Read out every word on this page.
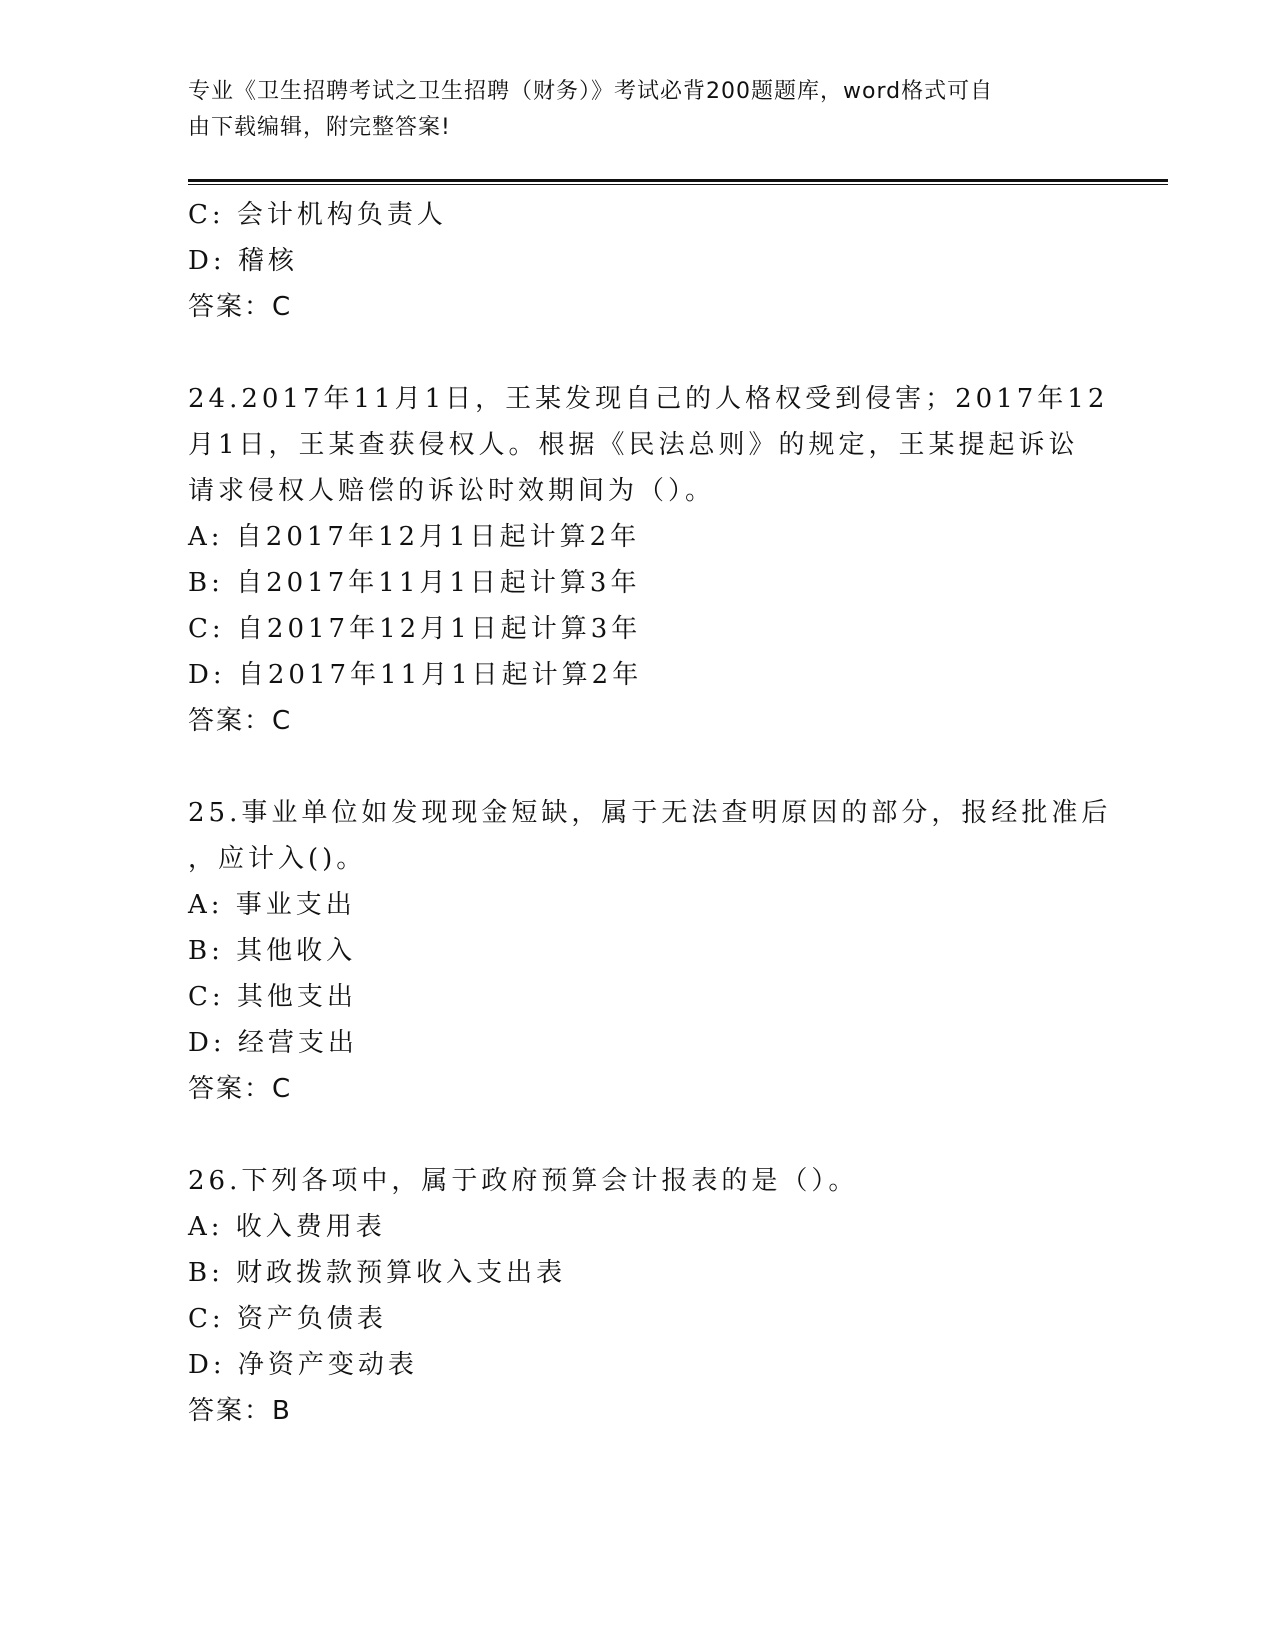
专业《卫生招聘考试之卫生招聘（财务）》考试必背200题题库，word格式可自
由下载编辑，附完整答案!
C: 会计机构负责人
D: 稽核
答案：C
24.2017年11月1日，王某发现自己的人格权受到侵害；2017年12
月1日，王某查获侵权人。根据《民法总则》的规定，王某提起诉讼
请求侵权人赔偿的诉讼时效期间为（）。
A: 自2017年12月1日起计算2年
B: 自2017年11月1日起计算3年
C: 自2017年12月1日起计算3年
D: 自2017年11月1日起计算2年
答案：C
25.事业单位如发现现金短缺，属于无法查明原因的部分，报经批准后
，应计入()。
A: 事业支出
B: 其他收入
C: 其他支出
D: 经营支出
答案：C
26.下列各项中，属于政府预算会计报表的是（）。
A: 收入费用表
B: 财政拨款预算收入支出表
C: 资产负债表
D: 净资产变动表
答案：B
